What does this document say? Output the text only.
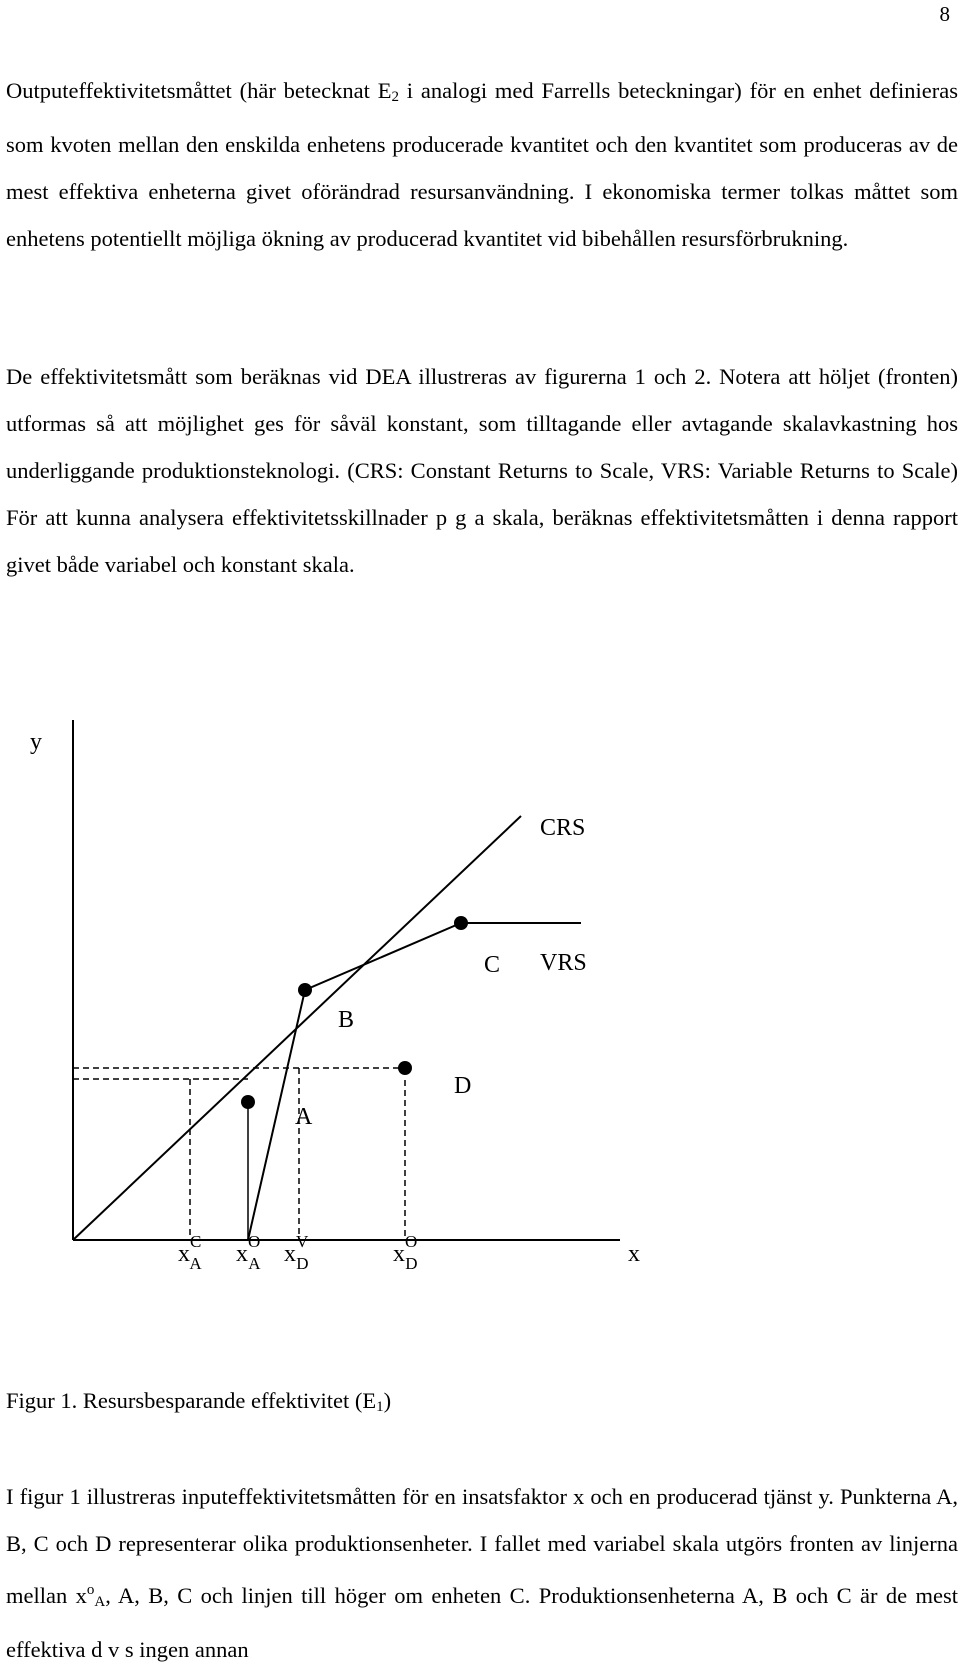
8

Outputeffektivitetsmåttet (här betecknat $E_2$ i analogi med Farrells beteckningar) för en enhet definieras som kvoten mellan den enskilda enhetens producerade kvantitet och den kvantitet som produceras av de mest effektiva enheterna givet oförändrad resursanvändning. I ekonomiska termer tolkas måttet som enhetens potentiellt möjliga ökning av producerad kvantitet vid bibehållen resursförbrukning.

De effektivitetsmått som beräknas vid DEA illustreras av figurerna 1 och 2. Notera att höljet (fronten) utformas så att möjlighet ges för såväl konstant, som tilltagande eller avtagande skalavkastning hos underliggande produktionsteknologi. (CRS: Constant Returns to Scale, VRS: Variable Returns to Scale) För att kunna analysera effektivitetsskillnader p g a skala, beräknas effektivitetsmåtten i denna rapport givet både variabel och konstant skala.

y
CRS
VRS
C
B
D
A
x
$x^C$ A $x^O$ A $x^V$ D	$x^O$ D
Figur 1. Resursbesparande effektivitet $(E_1)$

I figur 1 illustreras inputeffektivitetsmåtten för en insatsfaktor x och en producerad tjänst y. Punkterna A, B, C och D representerar olika produktionsenheter. I fallet med variabel skala utgörs fronten av linjerna mellan $x^o_A$, A, B, C och linjen till höger om enheten C. Produktionsenheterna A, B och C är de mest effektiva d v s ingen annan
